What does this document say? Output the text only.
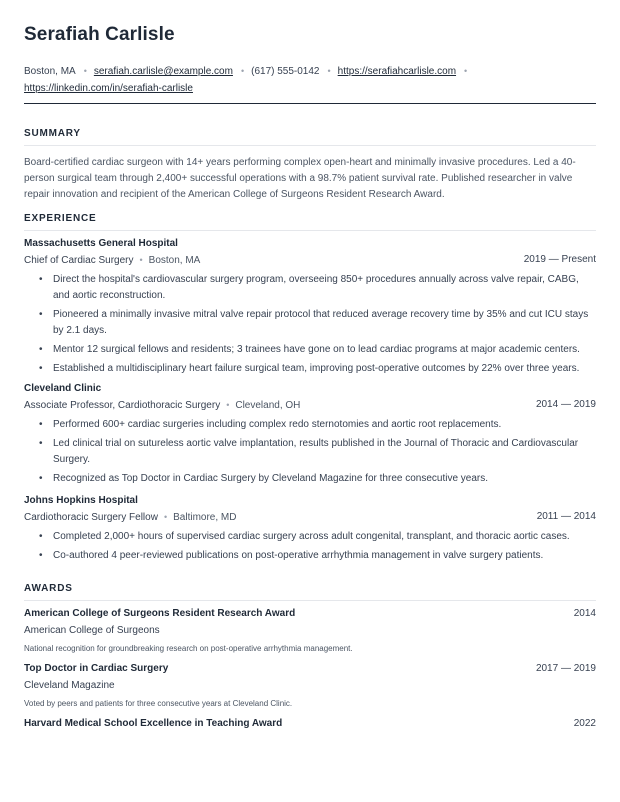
Serafiah Carlisle
Boston, MA • serafiah.carlisle@example.com • (617) 555-0142 • https://serafiahcarlisle.com •
https://linkedin.com/in/serafiah-carlisle
SUMMARY
Board-certified cardiac surgeon with 14+ years performing complex open-heart and minimally invasive procedures. Led a 40-person surgical team through 2,400+ successful operations with a 98.7% patient survival rate. Published researcher in valve repair innovation and recipient of the American College of Surgeons Resident Research Award.
EXPERIENCE
Massachusetts General Hospital
Chief of Cardiac Surgery • Boston, MA	2019 — Present
• Direct the hospital's cardiovascular surgery program, overseeing 850+ procedures annually across valve repair, CABG, and aortic reconstruction.
• Pioneered a minimally invasive mitral valve repair protocol that reduced average recovery time by 35% and cut ICU stays by 2.1 days.
• Mentor 12 surgical fellows and residents; 3 trainees have gone on to lead cardiac programs at major academic centers.
• Established a multidisciplinary heart failure surgical team, improving post-operative outcomes by 22% over three years.
Cleveland Clinic
Associate Professor, Cardiothoracic Surgery • Cleveland, OH	2014 — 2019
• Performed 600+ cardiac surgeries including complex redo sternotomies and aortic root replacements.
• Led clinical trial on sutureless aortic valve implantation, results published in the Journal of Thoracic and Cardiovascular Surgery.
• Recognized as Top Doctor in Cardiac Surgery by Cleveland Magazine for three consecutive years.
Johns Hopkins Hospital
Cardiothoracic Surgery Fellow • Baltimore, MD	2011 — 2014
• Completed 2,000+ hours of supervised cardiac surgery across adult congenital, transplant, and thoracic aortic cases.
• Co-authored 4 peer-reviewed publications on post-operative arrhythmia management in valve surgery patients.
AWARDS
American College of Surgeons Resident Research Award	2014
American College of Surgeons
National recognition for groundbreaking research on post-operative arrhythmia management.
Top Doctor in Cardiac Surgery	2017 — 2019
Cleveland Magazine
Voted by peers and patients for three consecutive years at Cleveland Clinic.
Harvard Medical School Excellence in Teaching Award	2022
